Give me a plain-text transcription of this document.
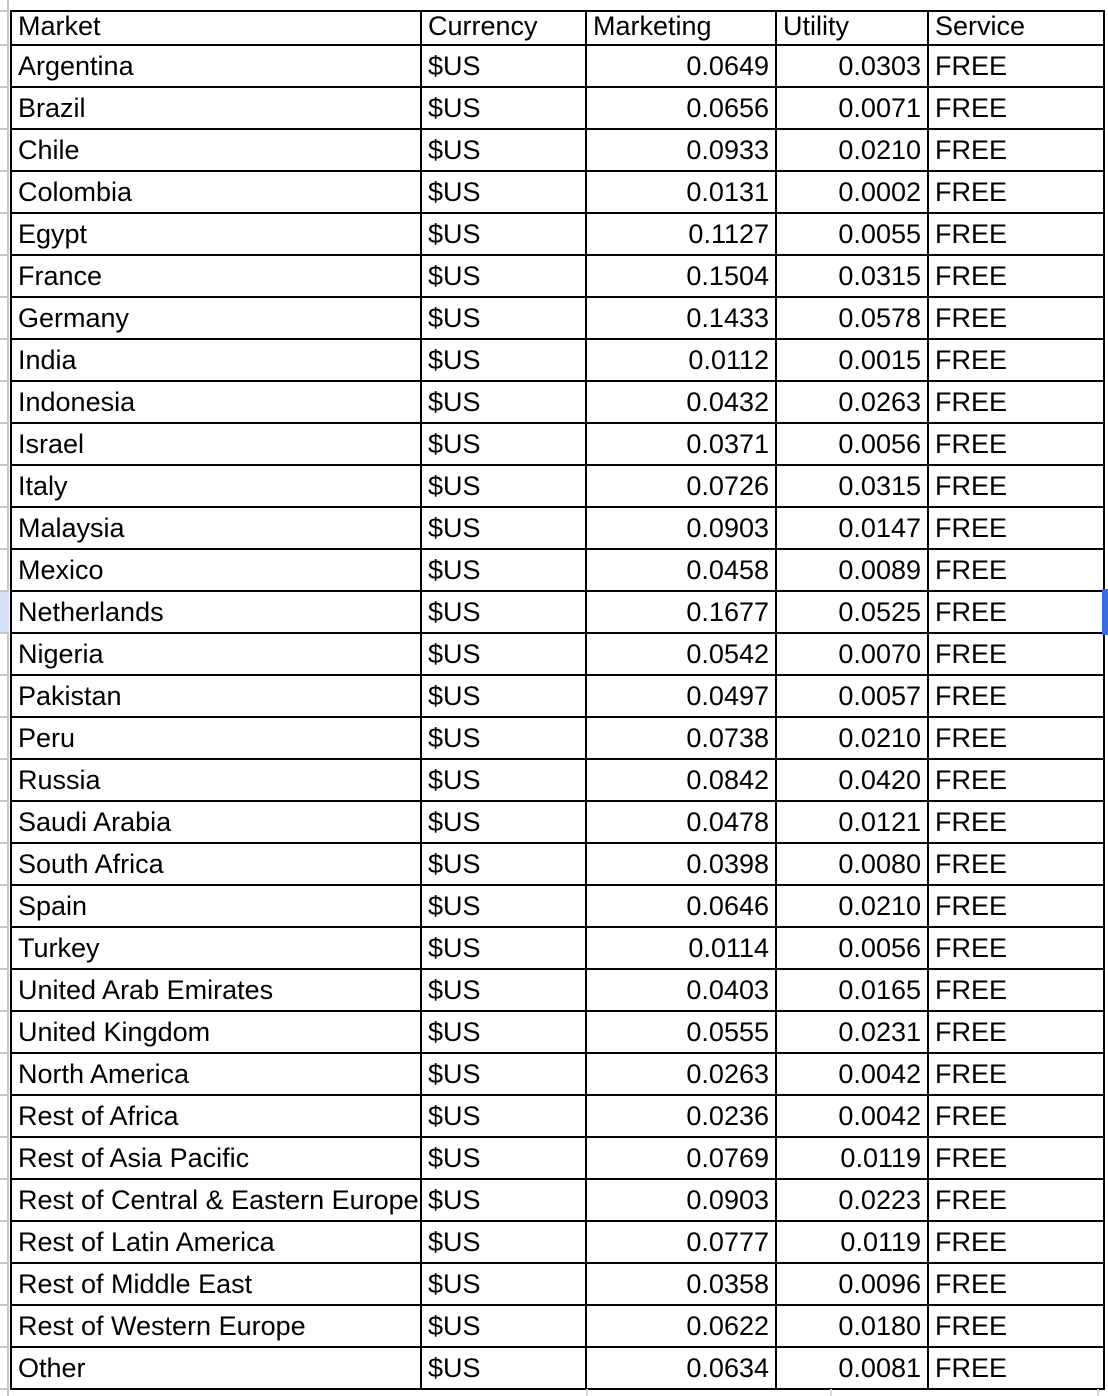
Market	Currency	Marketing	Utility	Service
Argentina	$US	0.0649	0.0303	FREE
Brazil	$US	0.0656	0.0071	FREE
Chile	$US	0.0933	0.0210	FREE
Colombia	$US	0.0131	0.0002	FREE
Egypt	$US	0.1127	0.0055	FREE
France	$US	0.1504	0.0315	FREE
Germany	$US	0.1433	0.0578	FREE
India	$US	0.0112	0.0015	FREE
Indonesia	$US	0.0432	0.0263	FREE
Israel	$US	0.0371	0.0056	FREE
Italy	$US	0.0726	0.0315	FREE
Malaysia	$US	0.0903	0.0147	FREE
Mexico	$US	0.0458	0.0089	FREE
Netherlands	$US	0.1677	0.0525	FREE
Nigeria	$US	0.0542	0.0070	FREE
Pakistan	$US	0.0497	0.0057	FREE
Peru	$US	0.0738	0.0210	FREE
Russia	$US	0.0842	0.0420	FREE
Saudi Arabia	$US	0.0478	0.0121	FREE
South Africa	$US	0.0398	0.0080	FREE
Spain	$US	0.0646	0.0210	FREE
Turkey	$US	0.0114	0.0056	FREE
United Arab Emirates	$US	0.0403	0.0165	FREE
United Kingdom	$US	0.0555	0.0231	FREE
North America	$US	0.0263	0.0042	FREE
Rest of Africa	$US	0.0236	0.0042	FREE
Rest of Asia Pacific	$US	0.0769	0.0119	FREE
Rest of Central & Eastern Europe	$US	0.0903	0.0223	FREE
Rest of Latin America	$US	0.0777	0.0119	FREE
Rest of Middle East	$US	0.0358	0.0096	FREE
Rest of Western Europe	$US	0.0622	0.0180	FREE
Other	$US	0.0634	0.0081	FREE
